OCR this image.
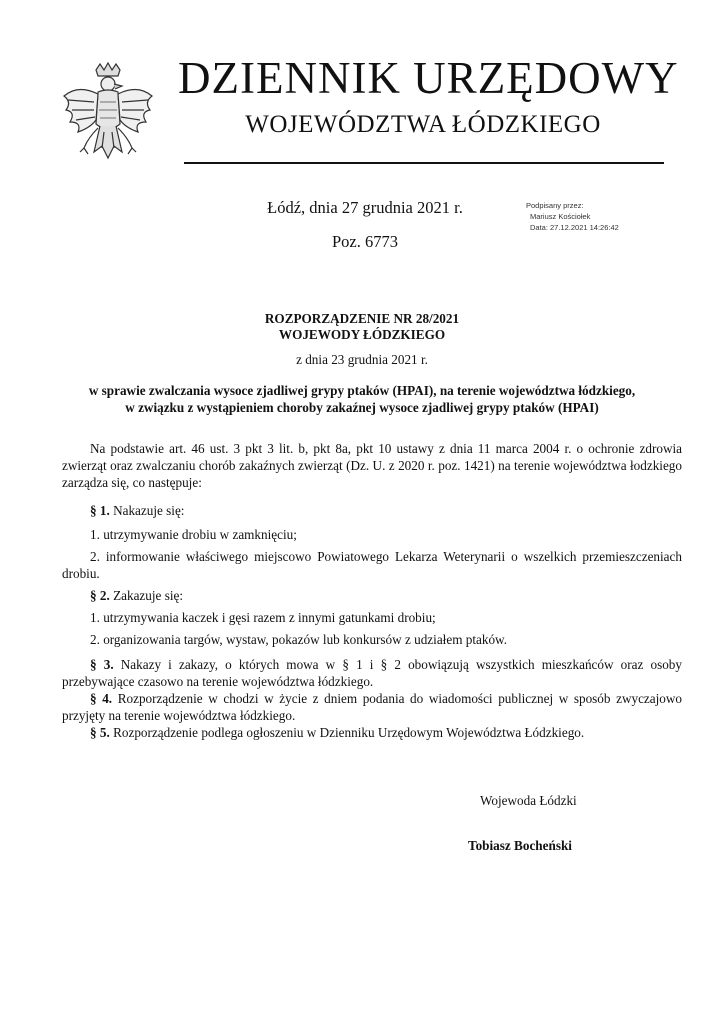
DZIENNIK URZĘDOWY
WOJEWÓDZTWA ŁÓDZKIEGO
Łódź, dnia 27 grudnia 2021 r.
Poz. 6773
Podpisany przez:
Mariusz Kościołek
Data: 27.12.2021 14:26:42
ROZPORZĄDZENIE NR 28/2021
WOJEWODY ŁÓDZKIEGO
z dnia 23 grudnia 2021 r.
w sprawie zwalczania wysoce zjadliwej grypy ptaków (HPAI), na terenie województwa łódzkiego,
w związku z wystąpieniem choroby zakaźnej wysoce zjadliwej grypy ptaków (HPAI)
Na podstawie art. 46 ust. 3 pkt 3 lit. b, pkt 8a, pkt 10 ustawy z dnia 11 marca 2004 r. o ochronie zdrowia zwierząt oraz zwalczaniu chorób zakaźnych zwierząt (Dz. U. z 2020 r. poz. 1421) na terenie województwa łodzkiego zarządza się, co następuje:
§ 1. Nakazuje się:
1. utrzymywanie drobiu w zamknięciu;
2. informowanie właściwego miejscowo Powiatowego Lekarza Weterynarii o wszelkich przemieszczeniach drobiu.
§ 2. Zakazuje się:
1. utrzymywania kaczek i gęsi razem z innymi gatunkami drobiu;
2. organizowania targów, wystaw, pokazów lub konkursów z udziałem ptaków.
§ 3. Nakazy i zakazy, o których mowa w § 1 i § 2 obowiązują wszystkich mieszkańców oraz osoby przebywające czasowo na terenie województwa łódzkiego.
§ 4. Rozporządzenie w chodzi w życie z dniem podania do wiadomości publicznej w sposób zwyczajowo przyjęty na terenie województwa łódzkiego.
§ 5. Rozporządzenie podlega ogłoszeniu w Dzienniku Urzędowym Województwa Łódzkiego.
Wojewoda Łódzki
Tobiasz Bocheński
